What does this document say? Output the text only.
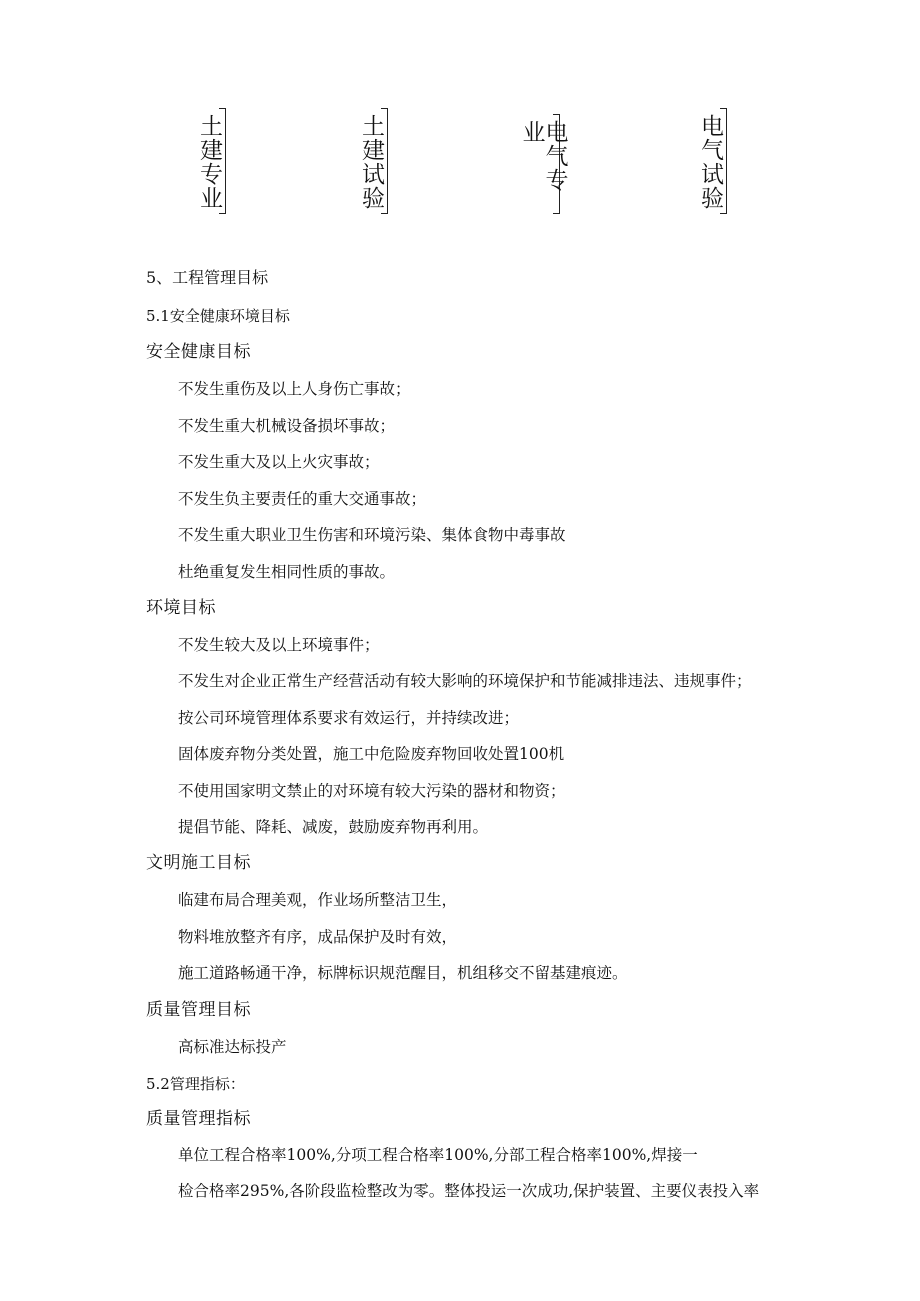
土建专业	土建试验	电气专业	电气试验
5、工程管理目标
5.1安全健康环境目标
安全健康目标
不发生重伤及以上人身伤亡事故；
不发生重大机械设备损坏事故；
不发生重大及以上火灾事故；
不发生负主要责任的重大交通事故；
不发生重大职业卫生伤害和环境污染、集体食物中毒事故
杜绝重复发生相同性质的事故。
环境目标
不发生较大及以上环境事件；
不发生对企业正常生产经营活动有较大影响的环境保护和节能减排违法、违规事件；
按公司环境管理体系要求有效运行，并持续改进；
固体废弃物分类处置，施工中危险废弃物回收处置100机
不使用国家明文禁止的对环境有较大污染的器材和物资；
提倡节能、降耗、减废，鼓励废弃物再利用。
文明施工目标
临建布局合理美观，作业场所整洁卫生，
物料堆放整齐有序，成品保护及时有效，
施工道路畅通干净，标牌标识规范醒目，机组移交不留基建痕迹。
质量管理目标
高标准达标投产
5.2管理指标：
质量管理指标
单位工程合格率100%,分项工程合格率100%,分部工程合格率100%,焊接一
检合格率295%,各阶段监检整改为零。整体投运一次成功,保护装置、主要仪表投入率
